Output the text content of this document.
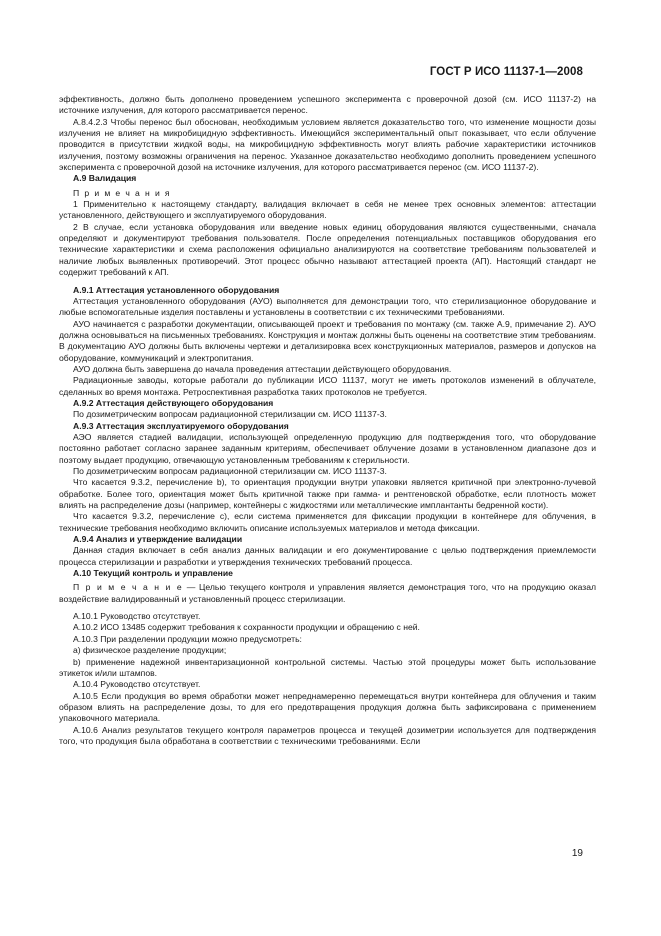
ГОСТ Р ИСО 11137-1—2008

эффективность, должно быть дополнено проведением успешного эксперимента с проверочной дозой (см. ИСО 11137-2) на источнике излучения, для которого рассматривается перенос.

А.8.4.2.3 Чтобы перенос был обоснован, необходимым условием является доказательство того, что изменение мощности дозы излучения не влияет на микробицидную эффективность. Имеющийся экспериментальный опыт показывает, что если облучение проводится в присутствии жидкой воды, на микробицидную эффективность могут влиять рабочие характеристики источников излучения, поэтому возможны ограничения на перенос. Указанное доказательство необходимо дополнить проведением успешного эксперимента с проверочной дозой на источнике излучения, для которого рассматривается перенос (см. ИСО 11137-2).

А.9 Валидация

П р и м е ч а н и я

1 Применительно к настоящему стандарту, валидация включает в себя не менее трех основных элементов: аттестации установленного, действующего и эксплуатируемого оборудования.

2 В случае, если установка оборудования или введение новых единиц оборудования являются существенными, сначала определяют и документируют требования пользователя. После определения потенциальных поставщиков оборудования его технические характеристики и схема расположения официально анализируются на соответствие требованиям пользователей и наличие любых выявленных противоречий. Этот процесс обычно называют аттестацией проекта (АП). Настоящий стандарт не содержит требований к АП.

А.9.1 Аттестация установленного оборудования

Аттестация установленного оборудования (АУО) выполняется для демонстрации того, что стерилизационное оборудование и любые вспомогательные изделия поставлены и установлены в соответствии с их техническими требованиями.

АУО начинается с разработки документации, описывающей проект и требования по монтажу (см. также А.9, примечание 2). АУО должна основываться на письменных требованиях. Конструкция и монтаж должны быть оценены на соответствие этим требованиям. В документацию АУО должны быть включены чертежи и детализировка всех конструкционных материалов, размеров и допусков на оборудование, коммуникаций и электропитания.

АУО должна быть завершена до начала проведения аттестации действующего оборудования.

Радиационные заводы, которые работали до публикации ИСО 11137, могут не иметь протоколов изменений в облучателе, сделанных во время монтажа. Ретроспективная разработка таких протоколов не требуется.

А.9.2 Аттестация действующего оборудования

По дозиметрическим вопросам радиационной стерилизации см. ИСО 11137-3.

А.9.3 Аттестация эксплуатируемого оборудования

АЭО является стадией валидации, использующей определенную продукцию для подтверждения того, что оборудование постоянно работает согласно заранее заданным критериям, обеспечивает облучение дозами в установленном диапазоне доз и поэтому выдает продукцию, отвечающую установленным требованиям к стерильности.

По дозиметрическим вопросам радиационной стерилизации см. ИСО 11137-3.

Что касается 9.3.2, перечисление b), то ориентация продукции внутри упаковки является критичной при электронно-лучевой обработке. Более того, ориентация может быть критичной также при гамма- и рентгеновской обработке, если плотность может влиять на распределение дозы (например, контейнеры с жидкостями или металлические имплантанты бедренной кости).

Что касается 9.3.2, перечисление c), если система применяется для фиксации продукции в контейнере для облучения, в технические требования необходимо включить описание используемых материалов и метода фиксации.

А.9.4 Анализ и утверждение валидации

Данная стадия включает в себя анализ данных валидации и его документирование с целью подтверждения приемлемости процесса стерилизации и разработки и утверждения технических требований процесса.

А.10 Текущий контроль и управление

П р и м е ч а н и е — Целью текущего контроля и управления является демонстрация того, что на продукцию оказал воздействие валидированный и установленный процесс стерилизации.

А.10.1 Руководство отсутствует.

А.10.2 ИСО 13485 содержит требования к сохранности продукции и обращению с ней.

А.10.3 При разделении продукции можно предусмотреть:

a) физическое разделение продукции;

b) применение надежной инвентаризационной контрольной системы. Частью этой процедуры может быть использование этикеток и/или штампов.

А.10.4 Руководство отсутствует.

А.10.5 Если продукция во время обработки может непреднамеренно перемещаться внутри контейнера для облучения и таким образом влиять на распределение дозы, то для его предотвращения продукция должна быть зафиксирована с применением упаковочного материала.

А.10.6 Анализ результатов текущего контроля параметров процесса и текущей дозиметрии используется для подтверждения того, что продукция была обработана в соответствии с техническими требованиями. Если

19
